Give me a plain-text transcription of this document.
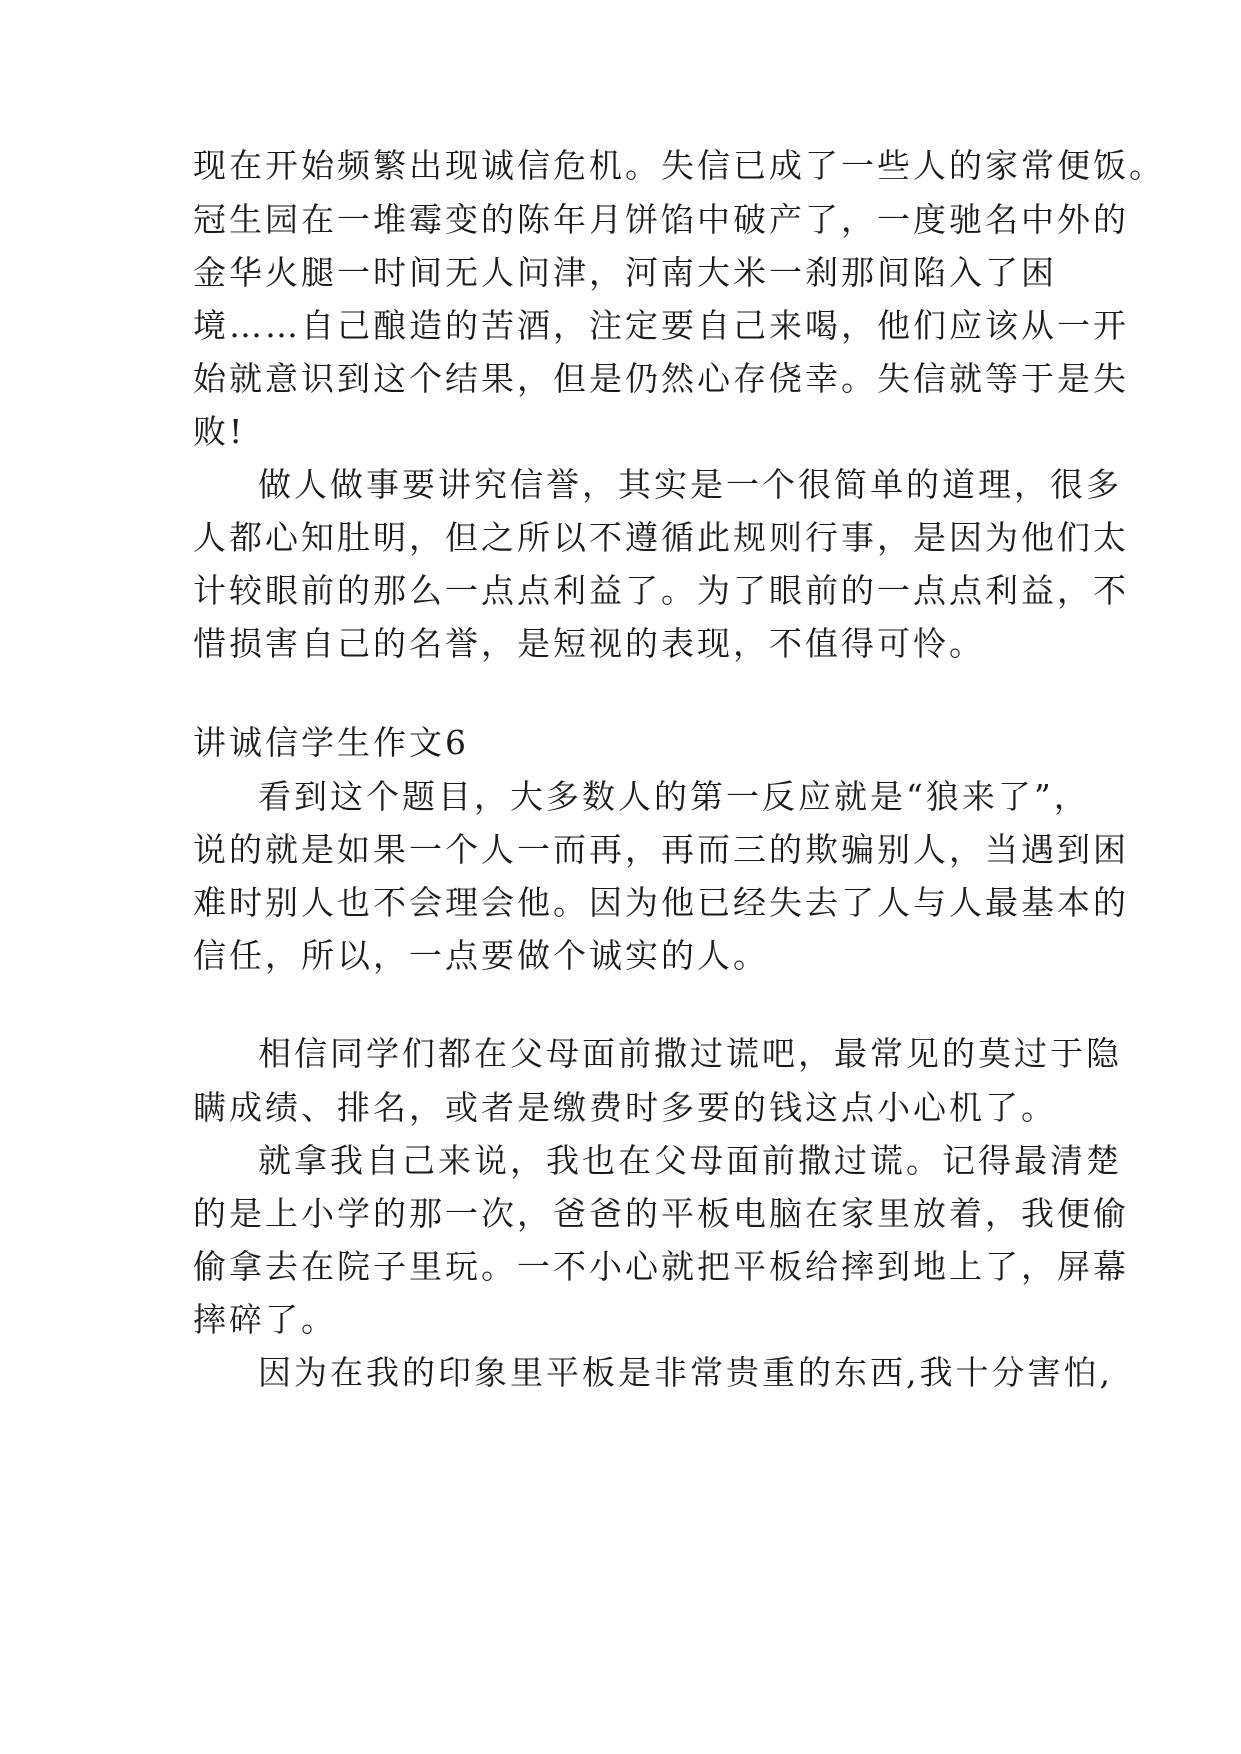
现在开始频繁出现诚信危机。失信已成了一些人的家常便饭。
冠生园在一堆霉变的陈年月饼馅中破产了，一度驰名中外的
金华火腿一时间无人问津，河南大米一刹那间陷入了困
境……自己酿造的苦酒，注定要自己来喝，他们应该从一开
始就意识到这个结果，但是仍然心存侥幸。失信就等于是失
败!
做人做事要讲究信誉，其实是一个很简单的道理，很多
人都心知肚明，但之所以不遵循此规则行事，是因为他们太
计较眼前的那么一点点利益了。为了眼前的一点点利益，不
惜损害自己的名誉，是短视的表现，不值得可怜。
讲诚信学生作文6
看到这个题目，大多数人的第一反应就是“狼来了”，
说的就是如果一个人一而再，再而三的欺骗别人，当遇到困
难时别人也不会理会他。因为他已经失去了人与人最基本的
信任，所以，一点要做个诚实的人。
相信同学们都在父母面前撒过谎吧，最常见的莫过于隐
瞒成绩、排名，或者是缴费时多要的钱这点小心机了。
就拿我自己来说，我也在父母面前撒过谎。记得最清楚
的是上小学的那一次，爸爸的平板电脑在家里放着，我便偷
偷拿去在院子里玩。一不小心就把平板给摔到地上了，屏幕
摔碎了。
因为在我的印象里平板是非常贵重的东西,我十分害怕,
